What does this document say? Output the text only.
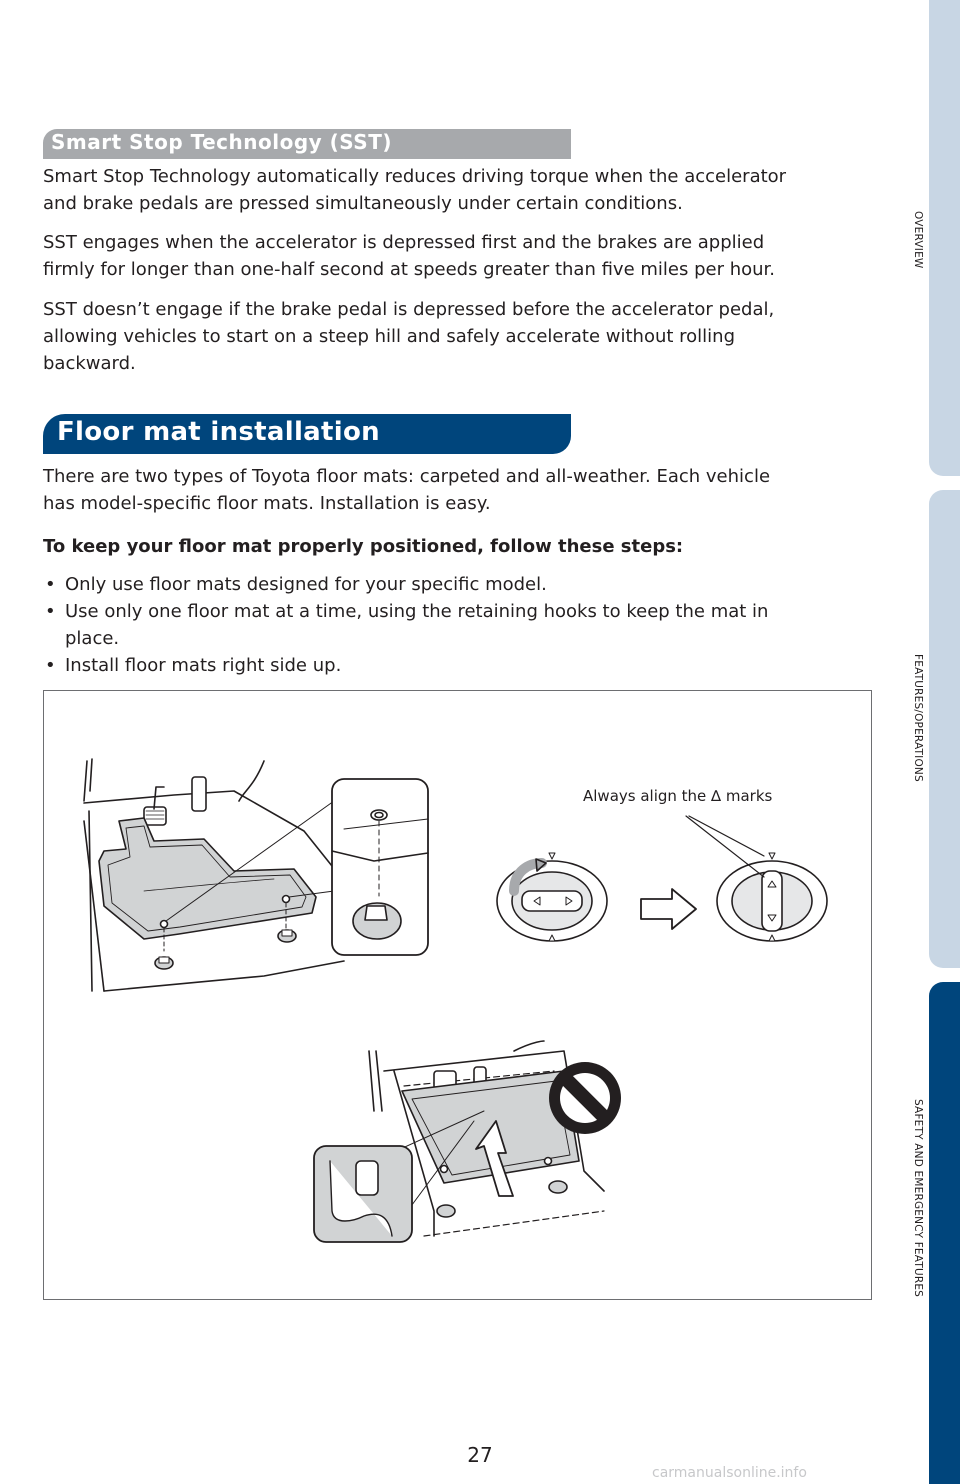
Smart Stop Technology (SST)
Smart Stop Technology automatically reduces driving torque when the accelerator
and brake pedals are pressed simultaneously under certain conditions.
SST engages when the accelerator is depressed first and the brakes are applied
firmly for longer than one-half second at speeds greater than five miles per hour.
SST doesn’t engage if the brake pedal is depressed before the accelerator pedal,
allowing vehicles to start on a steep hill and safely accelerate without rolling
backward.
Floor mat installation
There are two types of Toyota floor mats: carpeted and all-weather. Each vehicle
has model-specific floor mats. Installation is easy.
To keep your floor mat properly positioned, follow these steps:
• Only use floor mats designed for your specific model.
• Use only one floor mat at a time, using the retaining hooks to keep the mat in
place.
• Install floor mats right side up.
Always align the ∆ marks
OVERVIEW
FEATURES/OPERATIONS
SAFETY AND EMERGENCY FEATURES
27
carmanualsonline.info
